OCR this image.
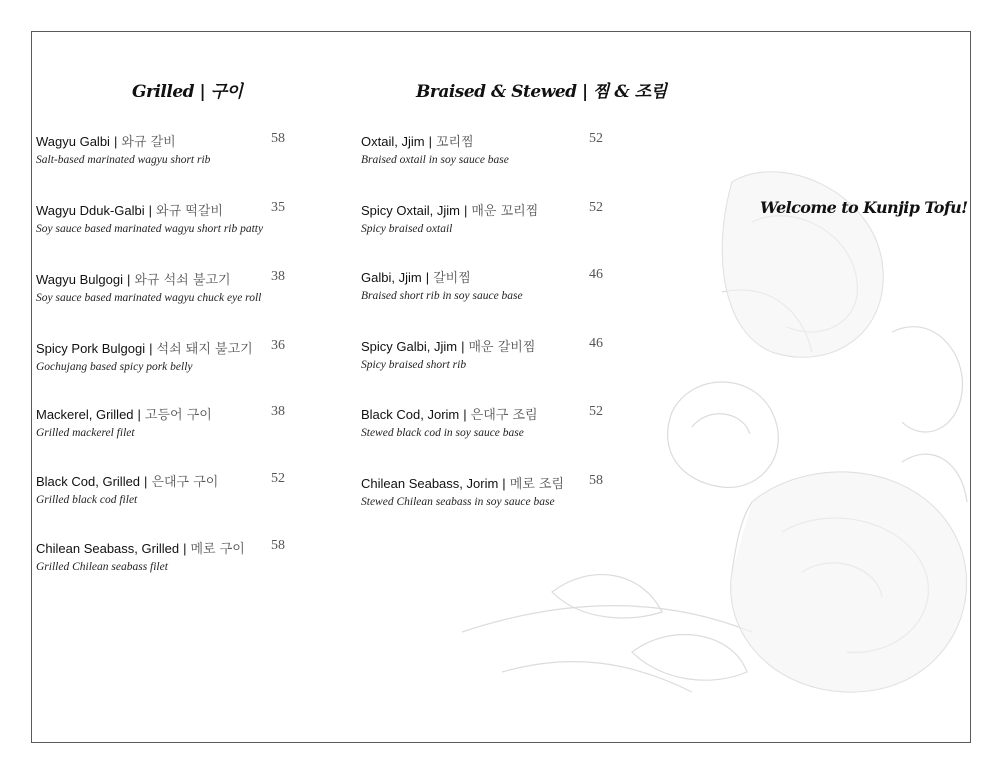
Grilled | 구이	Braised & Stewed | 찜 & 조림
Welcome to Kunjip Tofu!
Wagyu Galbi | 와규 갈비	58
Salt-based marinated wagyu short rib
Wagyu Dduk-Galbi | 와규 떡갈비	35
Soy sauce based marinated wagyu short rib patty
Wagyu Bulgogi | 와규 석쇠 불고기	38
Soy sauce based marinated wagyu chuck eye roll
Spicy Pork Bulgogi | 석쇠 돼지 불고기 36
Gochujang based spicy pork belly
Mackerel, Grilled | 고등어 구이	38
Grilled mackerel filet
Black Cod, Grilled | 은대구 구이	52
Grilled black cod filet
Chilean Seabass, Grilled | 메로 구이 58
Grilled Chilean seabass filet
Oxtail, Jjim | 꼬리찜	52
Braised oxtail in soy sauce base
Spicy Oxtail, Jjim | 매운 꼬리찜	52
Spicy braised oxtail
Galbi, Jjim | 갈비찜	46
Braised short rib in soy sauce base
Spicy Galbi, Jjim | 매운 갈비찜	46
Spicy braised short rib
Black Cod, Jorim | 은대구 조림	52
Stewed black cod in soy sauce base
Chilean Seabass, Jorim | 메로 조림 58
Stewed Chilean seabass in soy sauce base
